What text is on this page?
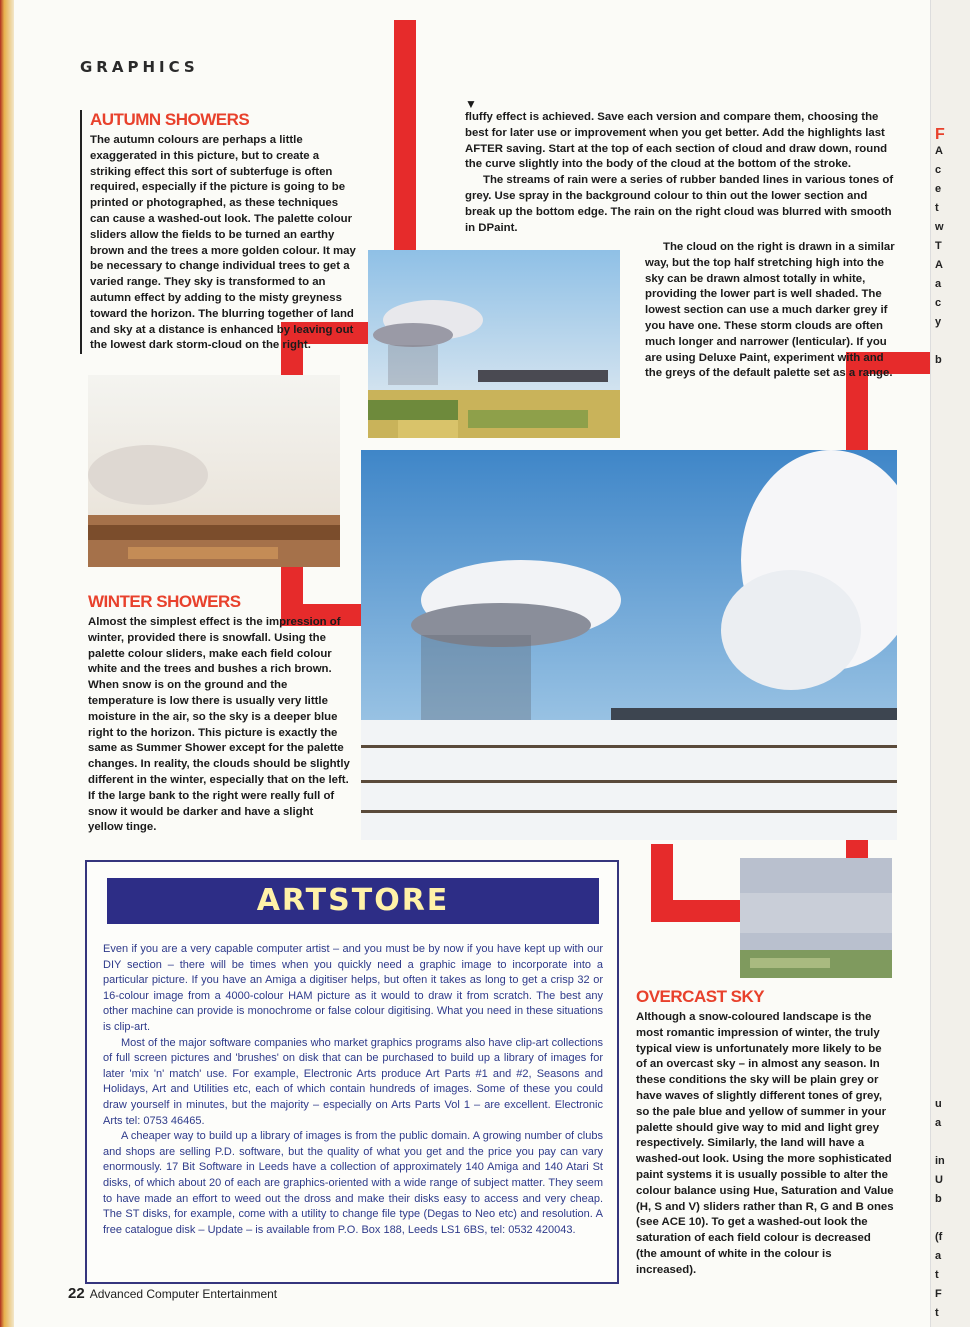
F
A
c
e
t
w
T
A
a
c
y

b
u
a

in
U
b

(f
a
t
F
t
GRAPHICS
AUTUMN SHOWERS
The autumn colours are perhaps a little exaggerated in this picture, but to create a striking effect this sort of subterfuge is often required, especially if the picture is going to be printed or photographed, as these techniques can cause a washed-out look. The palette colour sliders allow the fields to be turned an earthy brown and the trees a more golden colour. It may be necessary to change individual trees to get a varied range. They sky is transformed to an autumn effect by adding to the misty greyness toward the horizon. The blurring together of land and sky at a distance is enhanced by leaving out the lowest dark storm-cloud on the right.
▼

fluffy effect is achieved. Save each version and compare them, choosing the best for later use or improvement when you get better. Add the highlights last AFTER saving. Start at the top of each section of cloud and draw down, round the curve slightly into the body of the cloud at the bottom of the stroke.

The streams of rain were a series of rubber banded lines in various tones of grey. Use spray in the background colour to thin out the lower section and break up the bottom edge. The rain on the right cloud was blurred with smooth in DPaint.

The cloud on the right is drawn in a similar way, but the top half stretching high into the sky can be drawn almost totally in white, providing the lower part is well shaded. The lowest section can use a much darker grey if you have one. These storm clouds are often much longer and narrower (lenticular). If you are using Deluxe Paint, experiment with and the greys of the default palette set as a range.

WINTER SHOWERS
Almost the simplest effect is the impression of winter, provided there is snowfall. Using the palette colour sliders, make each field colour white and the trees and bushes a rich brown. When snow is on the ground and the temperature is low there is usually very little moisture in the air, so the sky is a deeper blue right to the horizon. This picture is exactly the same as Summer Shower except for the palette changes. In reality, the clouds should be slightly different in the winter, especially that on the left. If the large bank to the right were really full of snow it would be darker and have a slight yellow tinge.
OVERCAST SKY
Although a snow-coloured landscape is the most romantic impression of winter, the truly typical view is unfortunately more likely to be of an overcast sky – in almost any season. In these conditions the sky will be plain grey or have waves of slightly different tones of grey, so the pale blue and yellow of summer in your palette should give way to mid and light grey respectively. Similarly, the land will have a washed-out look. Using the more sophisticated paint systems it is usually possible to alter the colour balance using Hue, Saturation and Value (H, S and V) sliders rather than R, G and B ones (see ACE 10). To get a washed-out look the saturation of each field colour is decreased (the amount of white in the colour is increased).
ARTSTORE

Even if you are a very capable computer artist – and you must be by now if you have kept up with our DIY section – there will be times when you quickly need a graphic image to incorporate into a particular picture. If you have an Amiga a digitiser helps, but often it takes as long to get a crisp 32 or 16-colour image from a 4000-colour HAM picture as it would to draw it from scratch. The best any other machine can provide is monochrome or false colour digitising. What you need in these situations is clip-art.

Most of the major software companies who market graphics programs also have clip-art collections of full screen pictures and 'brushes' on disk that can be purchased to build up a library of images for later 'mix 'n' match' use. For example, Electronic Arts produce Art Parts #1 and #2, Seasons and Holidays, Art and Utilities etc, each of which contain hundreds of images. Some of these you could draw yourself in minutes, but the majority – especially on Arts Parts Vol 1 – are excellent. Electronic Arts tel: 0753 46465.

A cheaper way to build up a library of images is from the public domain. A growing number of clubs and shops are selling P.D. software, but the quality of what you get and the price you pay can vary enormously. 17 Bit Software in Leeds have a collection of approximately 140 Amiga and 140 Atari St disks, of which about 20 of each are graphics-oriented with a wide range of subject matter. They seem to have made an effort to weed out the dross and make their disks easy to access and very cheap. The ST disks, for example, come with a utility to change file type (Degas to Neo etc) and resolution. A free catalogue disk – Update – is available from P.O. Box 188, Leeds LS1 6BS, tel: 0532 420043.

22 Advanced Computer Entertainment
